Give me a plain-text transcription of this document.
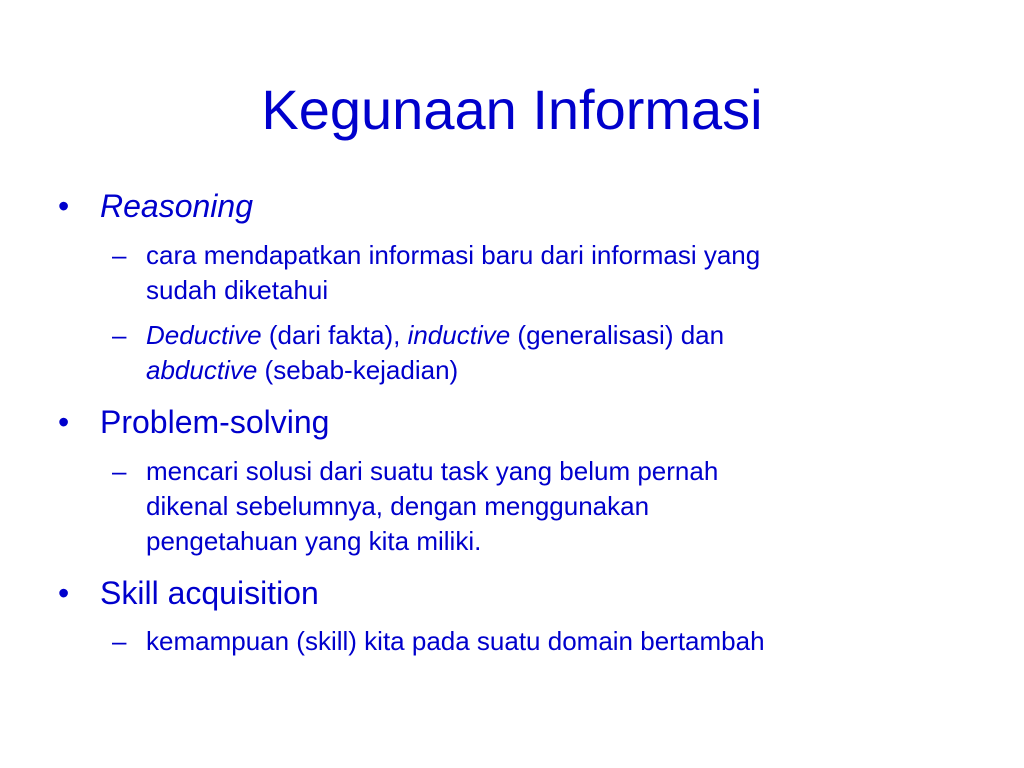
Kegunaan Informasi
• Reasoning
– cara mendapatkan informasi baru dari informasi yang
sudah diketahui
– Deductive (dari fakta), inductive (generalisasi) dan
abductive (sebab-kejadian)
• Problem-solving
– mencari solusi dari suatu task yang belum pernah
dikenal sebelumnya, dengan menggunakan
pengetahuan yang kita miliki.
• Skill acquisition
– kemampuan (skill) kita pada suatu domain bertambah
